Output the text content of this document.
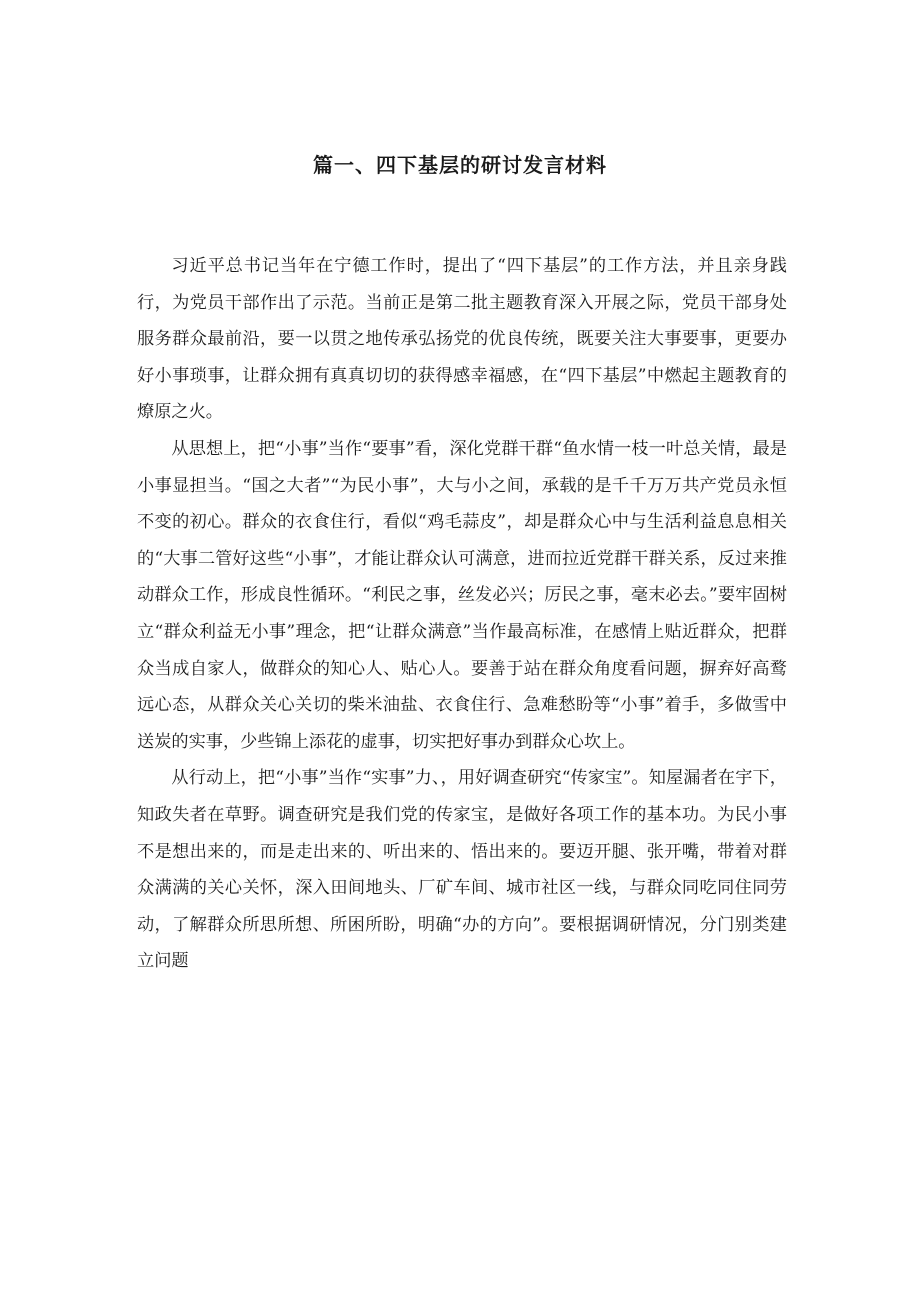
篇一、四下基层的研讨发言材料

习近平总书记当年在宁德工作时，提出了“四下基层”的工作方法，并且亲身践行，为党员干部作出了示范。当前正是第二批主题教育深入开展之际，党员干部身处服务群众最前沿，要一以贯之地传承弘扬党的优良传统，既要关注大事要事，更要办好小事琐事，让群众拥有真真切切的获得感幸福感，在“四下基层”中燃起主题教育的燎原之火。

从思想上，把“小事”当作“要事”看，深化党群干群“鱼水情一枝一叶总关情，最是小事显担当。“国之大者”“为民小事”，大与小之间，承载的是千千万万共产党员永恒不变的初心。群众的衣食住行，看似“鸡毛蒜皮”，却是群众心中与生活利益息息相关的“大事二管好这些“小事”，才能让群众认可满意，进而拉近党群干群关系，反过来推动群众工作，形成良性循环。“利民之事，丝发必兴；厉民之事，毫末必去。”要牢固树立“群众利益无小事”理念，把“让群众满意”当作最高标准，在感情上贴近群众，把群众当成自家人，做群众的知心人、贴心人。要善于站在群众角度看问题，摒弃好高鹜远心态，从群众关心关切的柴米油盐、衣食住行、急难愁盼等“小事”着手，多做雪中送炭的实事，少些锦上添花的虚事，切实把好事办到群众心坎上。

从行动上，把“小事”当作“实事”力、，用好调查研究“传家宝”。知屋漏者在宇下，知政失者在草野。调查研究是我们党的传家宝，是做好各项工作的基本功。为民小事不是想出来的，而是走出来的、听出来的、悟出来的。要迈开腿、张开嘴，带着对群众满满的关心关怀，深入田间地头、厂矿车间、城市社区一线，与群众同吃同住同劳动，了解群众所思所想、所困所盼，明确“办的方向”。要根据调研情况，分门别类建立问题
